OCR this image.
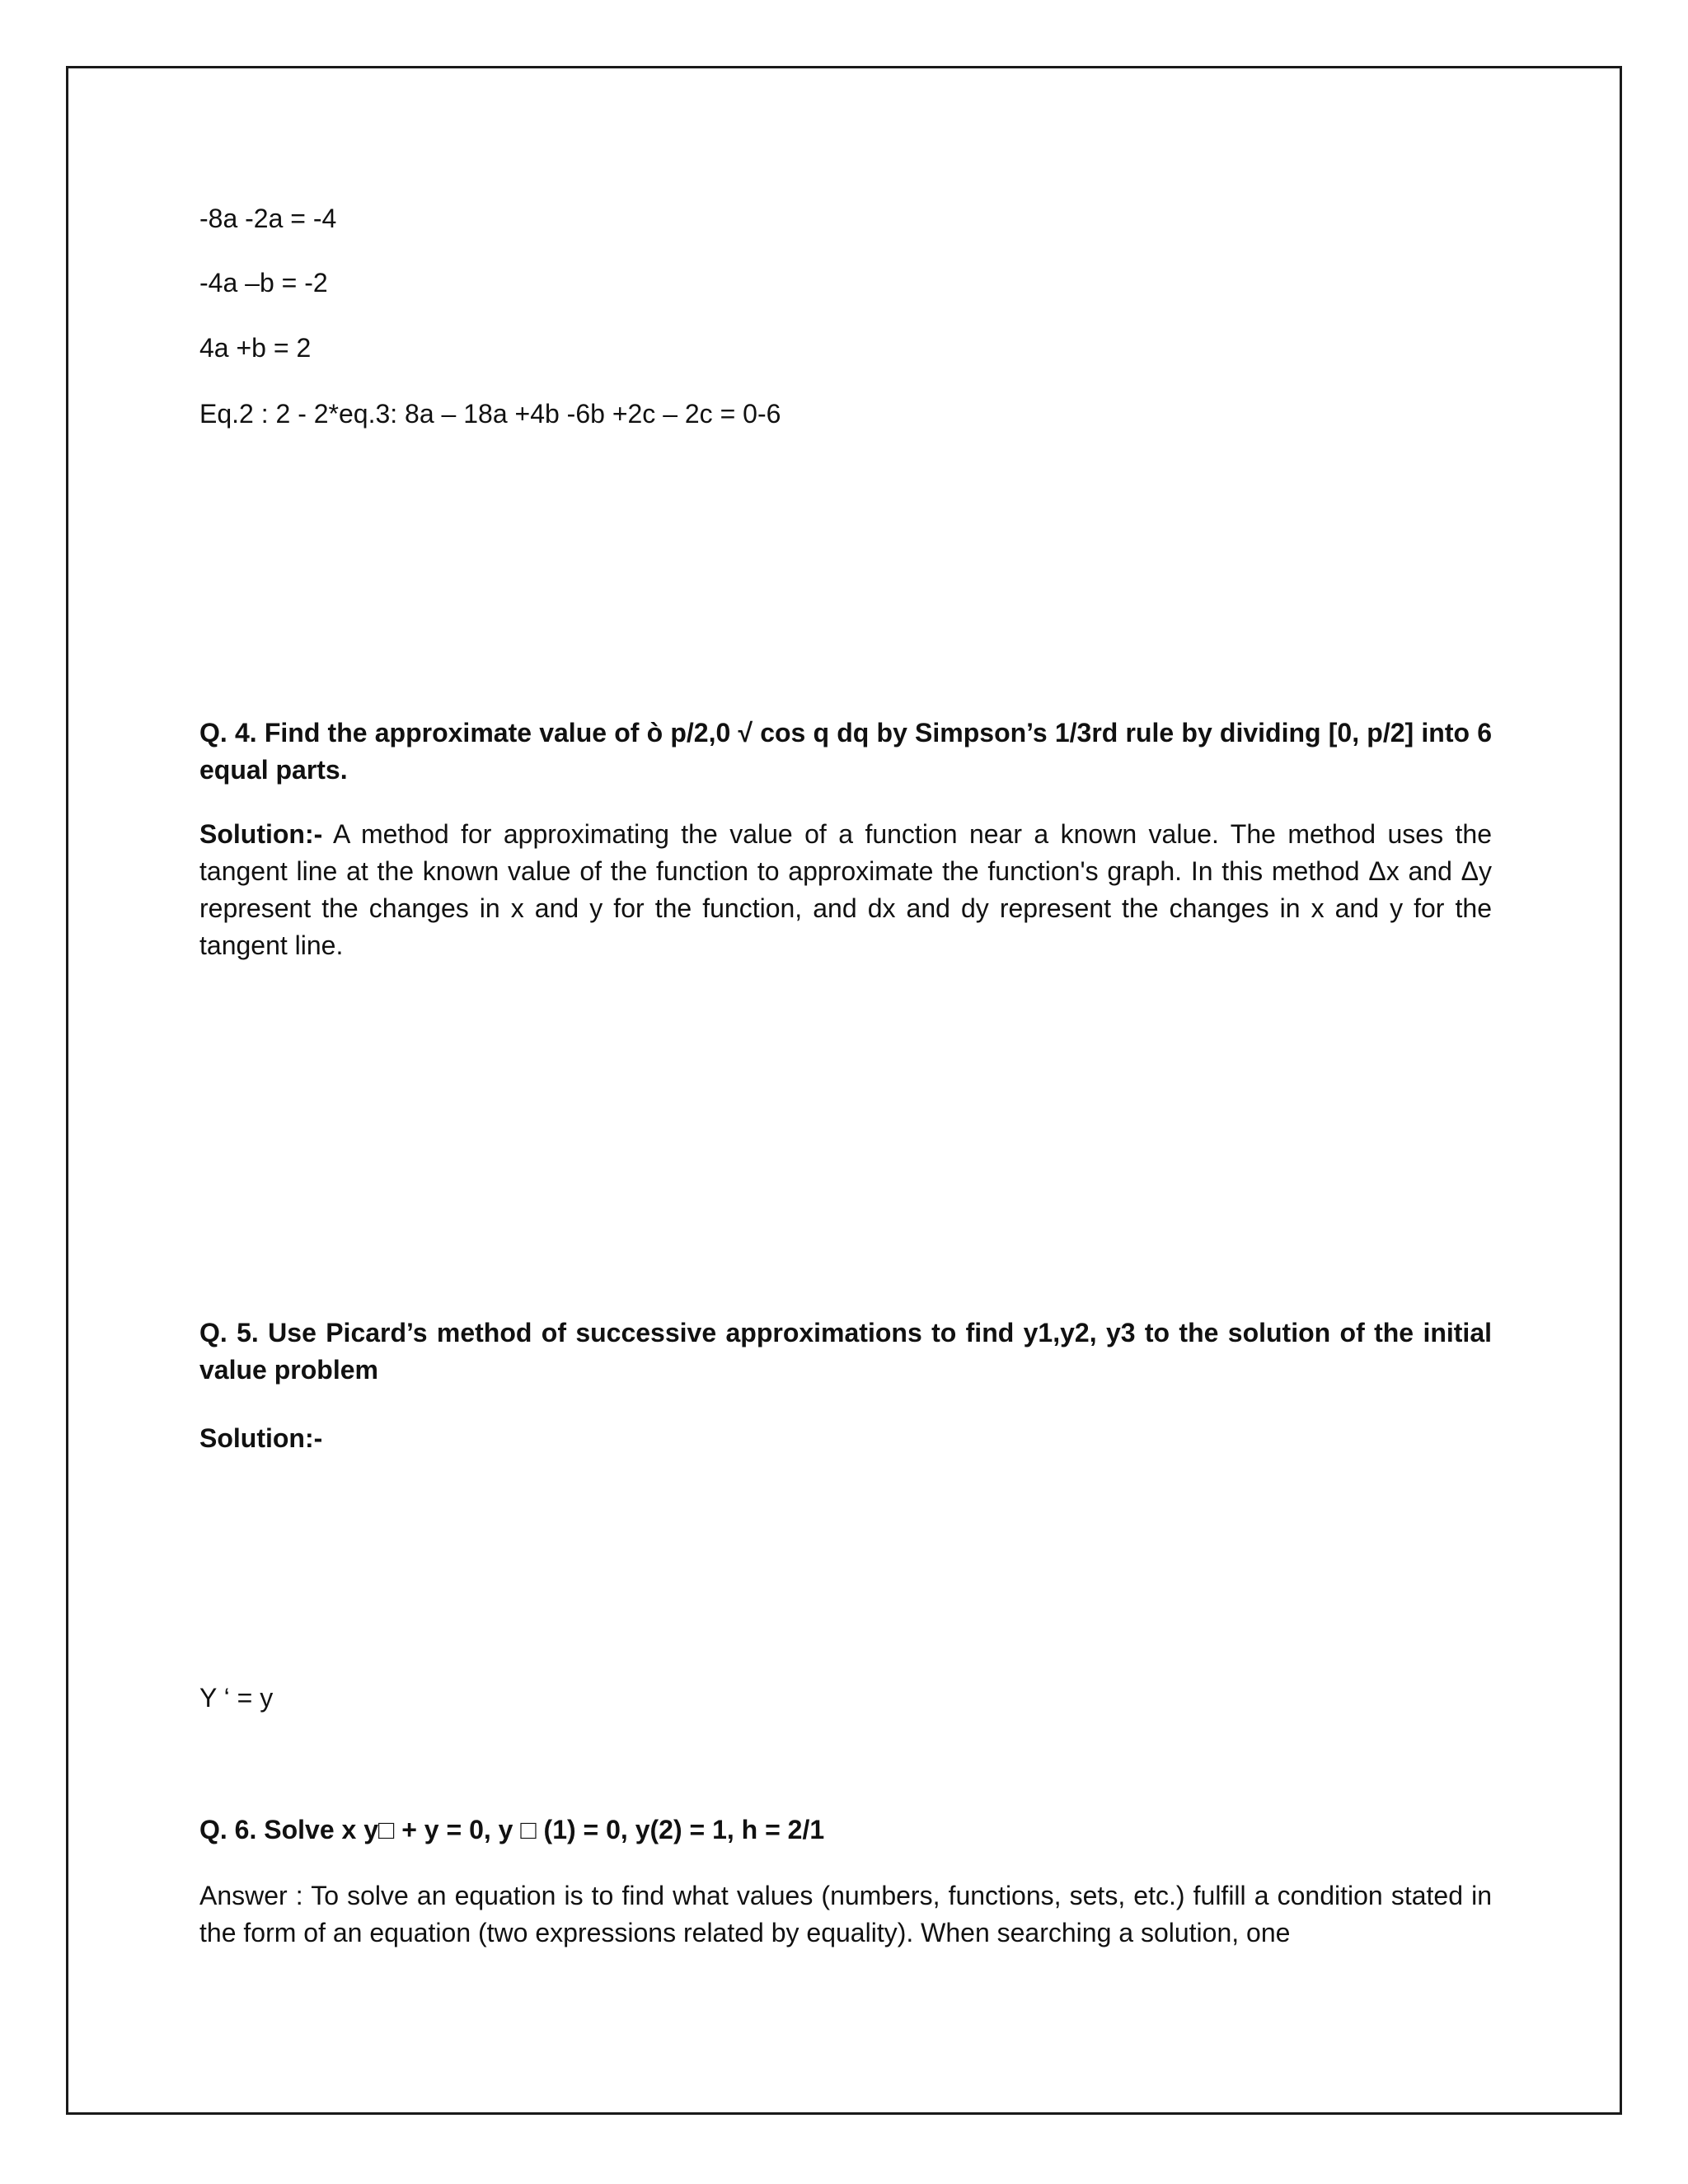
-8a -2a = -4
-4a –b = -2
4a +b = 2
Eq.2 : 2 - 2*eq.3: 8a – 18a +4b -6b +2c – 2c = 0-6
Q. 4. Find the approximate value of ò p/2,0 √ cos q dq by Simpson’s 1/3rd rule by dividing [0, p/2] into 6 equal parts.
Solution:- A method for approximating the value of a function near a known value. The method uses the tangent line at the known value of the function to approximate the function's graph. In this method Δx and Δy represent the changes in x and y for the function, and dx and dy represent the changes in x and y for the tangent line.
Q. 5. Use Picard’s method of successive approximations to find y1,y2, y3 to the solution of the initial value problem
Solution:-
Y ‘ = y
Q. 6. Solve x y□ + y = 0, y □ (1) = 0, y(2) = 1, h = 2/1
Answer : To solve an equation is to find what values (numbers, functions, sets, etc.) fulfill a condition stated in the form of an equation (two expressions related by equality). When searching a solution, one
